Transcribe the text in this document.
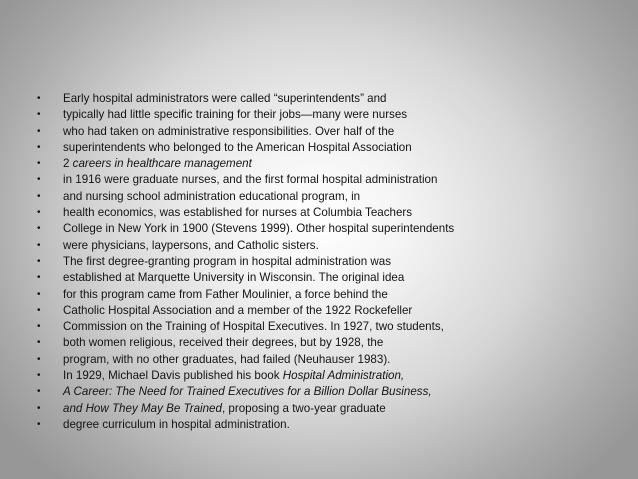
• Early hospital administrators were called “superintendents” and
• typically had little specific training for their jobs—many were nurses
• who had taken on administrative responsibilities. Over half of the
• superintendents who belonged to the American Hospital Association
• 2 careers in healthcare management
• in 1916 were graduate nurses, and the first formal hospital administration
• and nursing school administration educational program, in
• health economics, was established for nurses at Columbia Teachers
• College in New York in 1900 (Stevens 1999). Other hospital superintendents
• were physicians, laypersons, and Catholic sisters.
• The first degree-granting program in hospital administration was
• established at Marquette University in Wisconsin. The original idea
• for this program came from Father Moulinier, a force behind the
• Catholic Hospital Association and a member of the 1922 Rockefeller
• Commission on the Training of Hospital Executives. In 1927, two students,
• both women religious, received their degrees, but by 1928, the
• program, with no other graduates, had failed (Neuhauser 1983).
• In 1929, Michael Davis published his book Hospital Administration,
• A Career: The Need for Trained Executives for a Billion Dollar Business,
• and How They May Be Trained, proposing a two-year graduate
• degree curriculum in hospital administration.
